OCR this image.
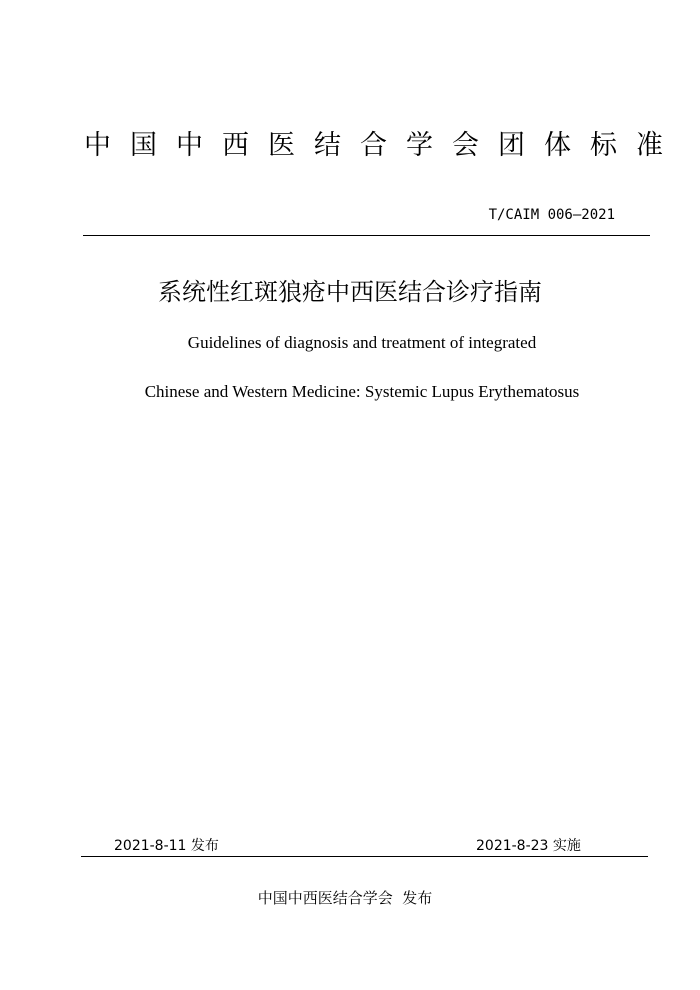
中国中西医结合学会团体标准
T/CAIM 006—2021
系统性红斑狼疮中西医结合诊疗指南
Guidelines of diagnosis and treatment of integrated
Chinese and Western Medicine: Systemic Lupus Erythematosus
2021-8-11 发布	2021-8-23 实施
中国中西医结合学会  发布
